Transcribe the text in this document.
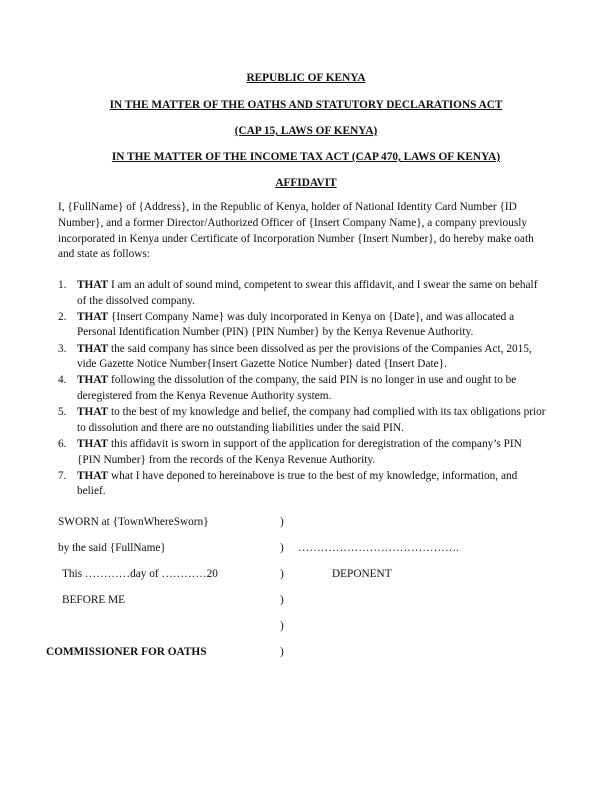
REPUBLIC OF KENYA
IN THE MATTER OF THE OATHS AND STATUTORY DECLARATIONS ACT
(CAP 15, LAWS OF KENYA)
IN THE MATTER OF THE INCOME TAX ACT (CAP 470, LAWS OF KENYA)
AFFIDAVIT

I, {FullName} of {Address}, in the Republic of Kenya, holder of National Identity Card Number {ID Number}, and a former Director/Authorized Officer of {Insert Company Name}, a company previously incorporated in Kenya under Certificate of Incorporation Number {Insert Number}, do hereby make oath and state as follows:

1. THAT I am an adult of sound mind, competent to swear this affidavit, and I swear the same on behalf of the dissolved company.
2. THAT {Insert Company Name} was duly incorporated in Kenya on {Date}, and was allocated a Personal Identification Number (PIN) {PIN Number} by the Kenya Revenue Authority.
3. THAT the said company has since been dissolved as per the provisions of the Companies Act, 2015, vide Gazette Notice Number{Insert Gazette Notice Number} dated {Insert Date}.
4. THAT following the dissolution of the company, the said PIN is no longer in use and ought to be deregistered from the Kenya Revenue Authority system.
5. THAT to the best of my knowledge and belief, the company had complied with its tax obligations prior to dissolution and there are no outstanding liabilities under the said PIN.
6. THAT this affidavit is sworn in support of the application for deregistration of the company’s PIN {PIN Number} from the records of the Kenya Revenue Authority.
7. THAT what I have deponed to hereinabove is true to the best of my knowledge, information, and belief.
SWORN at {TownWhereSworn}	)
by the said {FullName}	) …………………………………….
This …………day of …………20	)	DEPONENT
BEFORE ME	)
)
COMMISSIONER FOR OATHS	)
